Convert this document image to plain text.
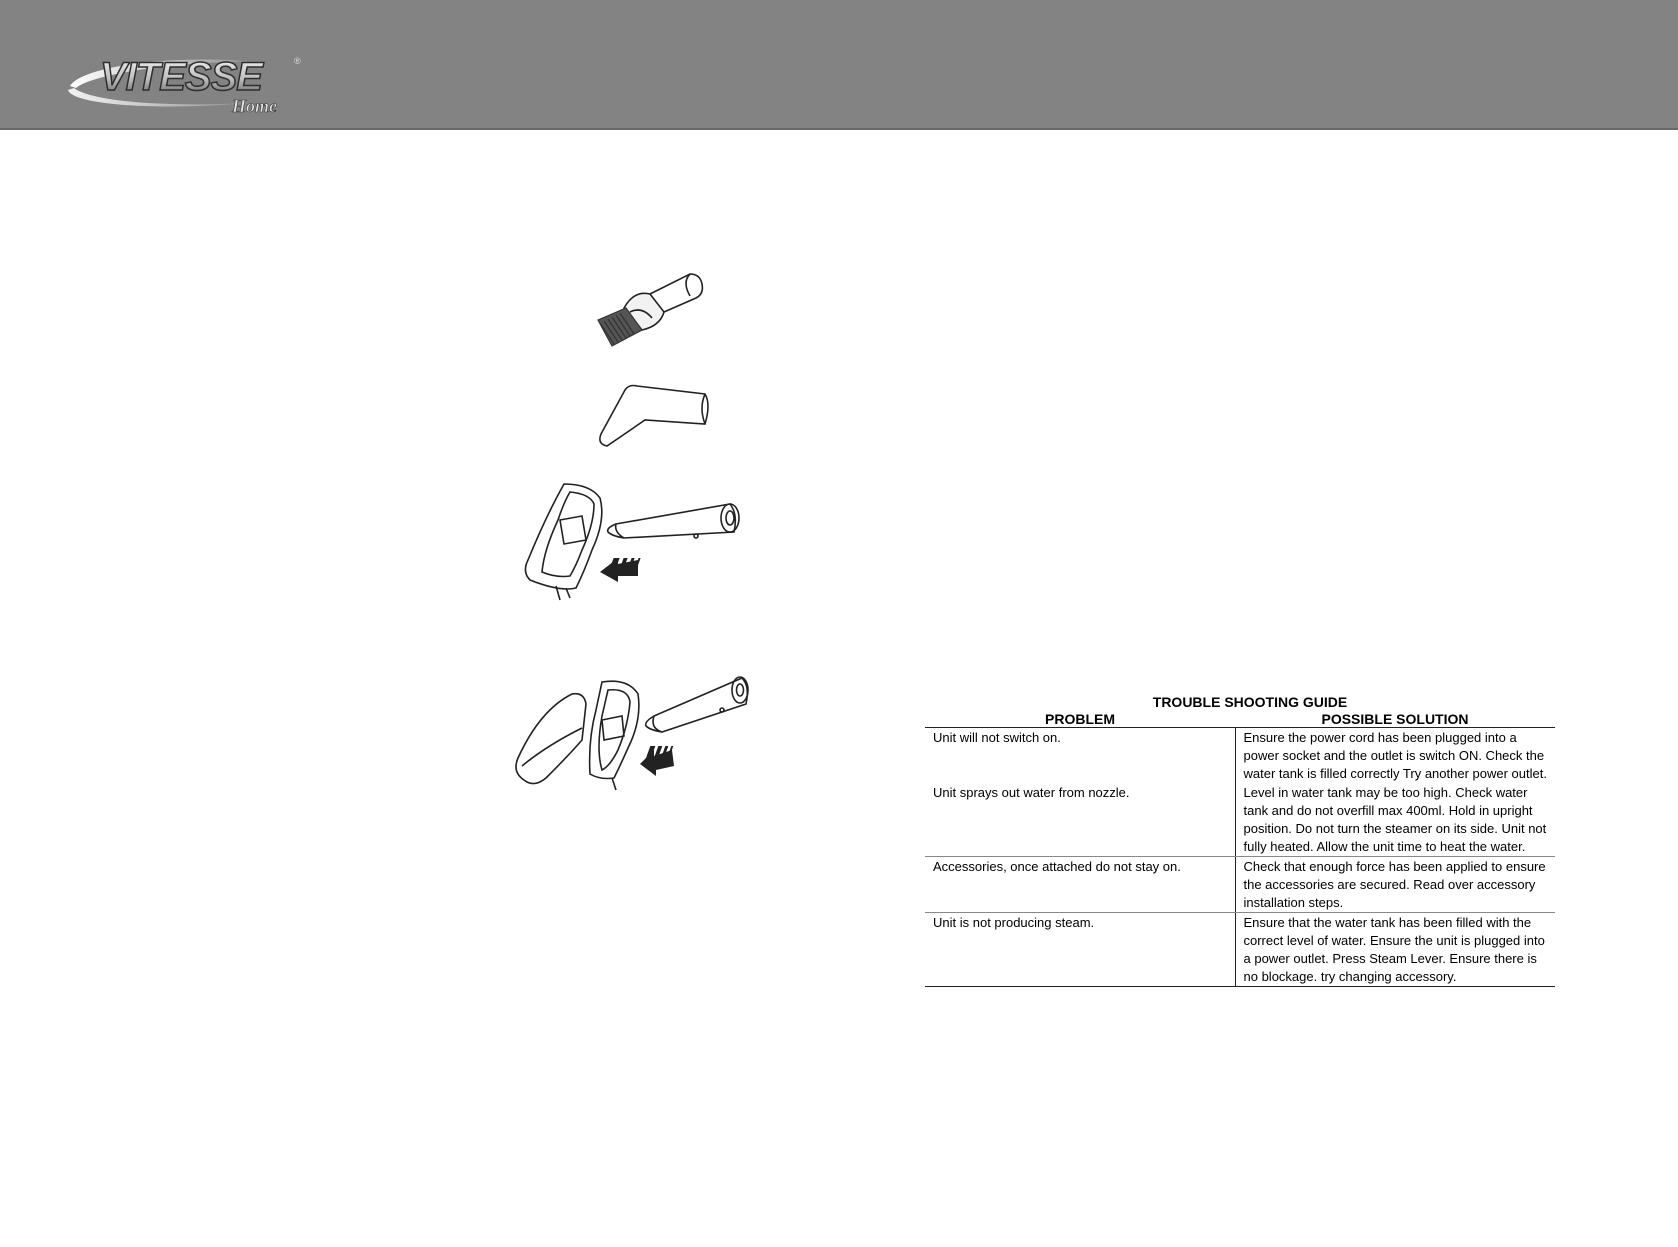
VITESSE	®
Home
TROUBLE SHOOTING GUIDE
PROBLEM	POSSIBLE SOLUTION
Unit will not switch on.	Ensure the power cord has been plugged into a power socket and the outlet is switch ON. Check the water tank is filled correctly Try another power outlet.
Unit sprays out water from nozzle.	Level in water tank may be too high. Check water tank and do not overfill max 400ml. Hold in upright position. Do not turn the steamer on its side. Unit not fully heated. Allow the unit time to heat the water.
Accessories, once attached do not stay on.	Check that enough force has been applied to ensure the accessories are secured. Read over accessory installation steps.
Unit is not producing steam.	Ensure that the water tank has been filled with the correct level of water. Ensure the unit is plugged into a power outlet. Press Steam Lever. Ensure there is no blockage. try changing accessory.
